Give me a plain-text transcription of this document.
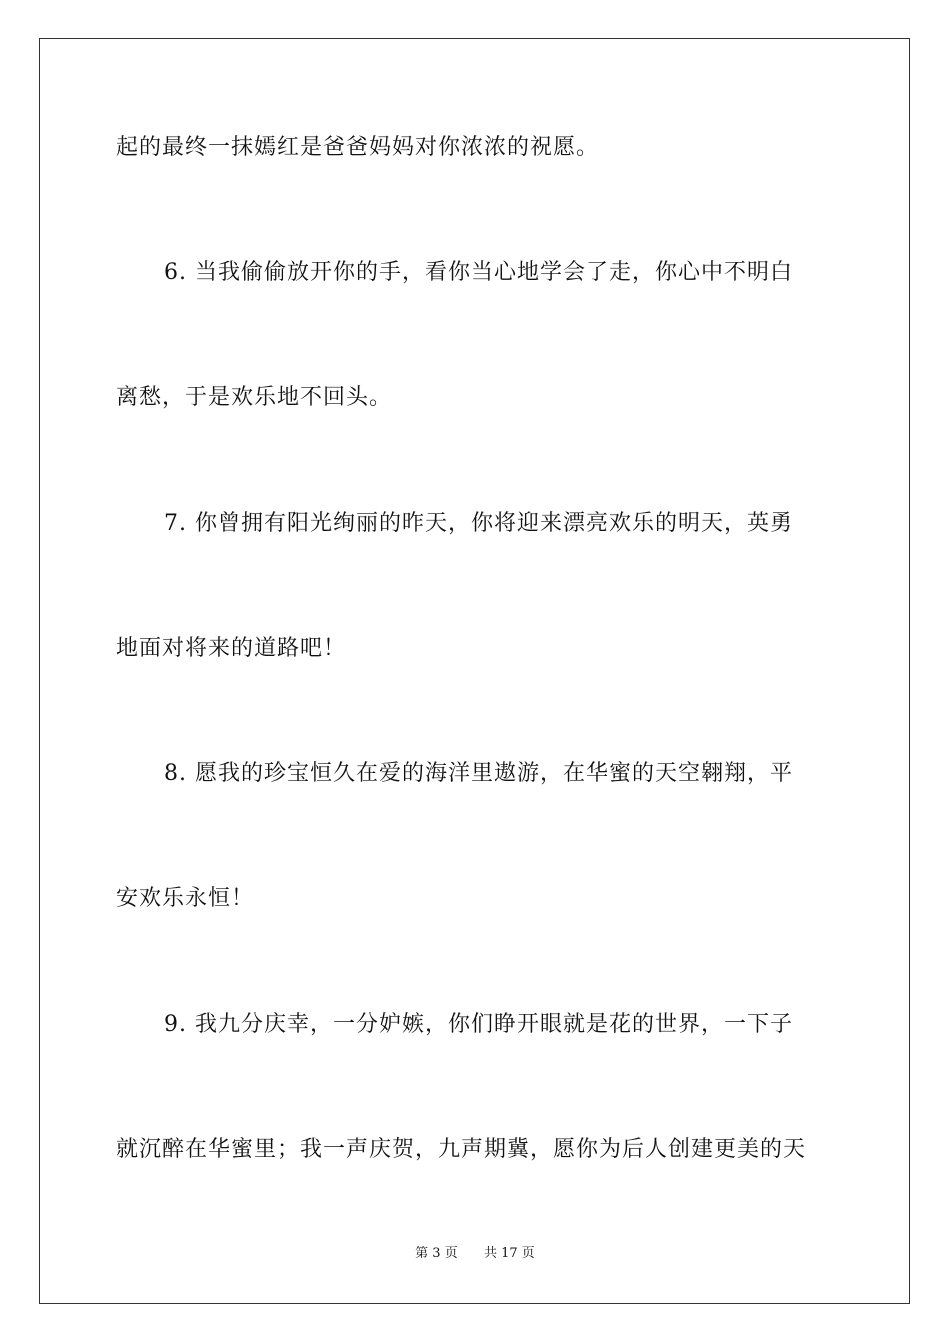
起的最终一抹嫣红是爸爸妈妈对你浓浓的祝愿。
6. 当我偷偷放开你的手，看你当心地学会了走，你心中不明白
离愁，于是欢乐地不回头。
7. 你曾拥有阳光绚丽的昨天，你将迎来漂亮欢乐的明天，英勇
地面对将来的道路吧！
8. 愿我的珍宝恒久在爱的海洋里遨游，在华蜜的天空翱翔，平
安欢乐永恒！
9. 我九分庆幸，一分妒嫉，你们睁开眼就是花的世界，一下子
就沉醉在华蜜里；我一声庆贺，九声期冀，愿你为后人创建更美的天
第 3 页 共 17 页
